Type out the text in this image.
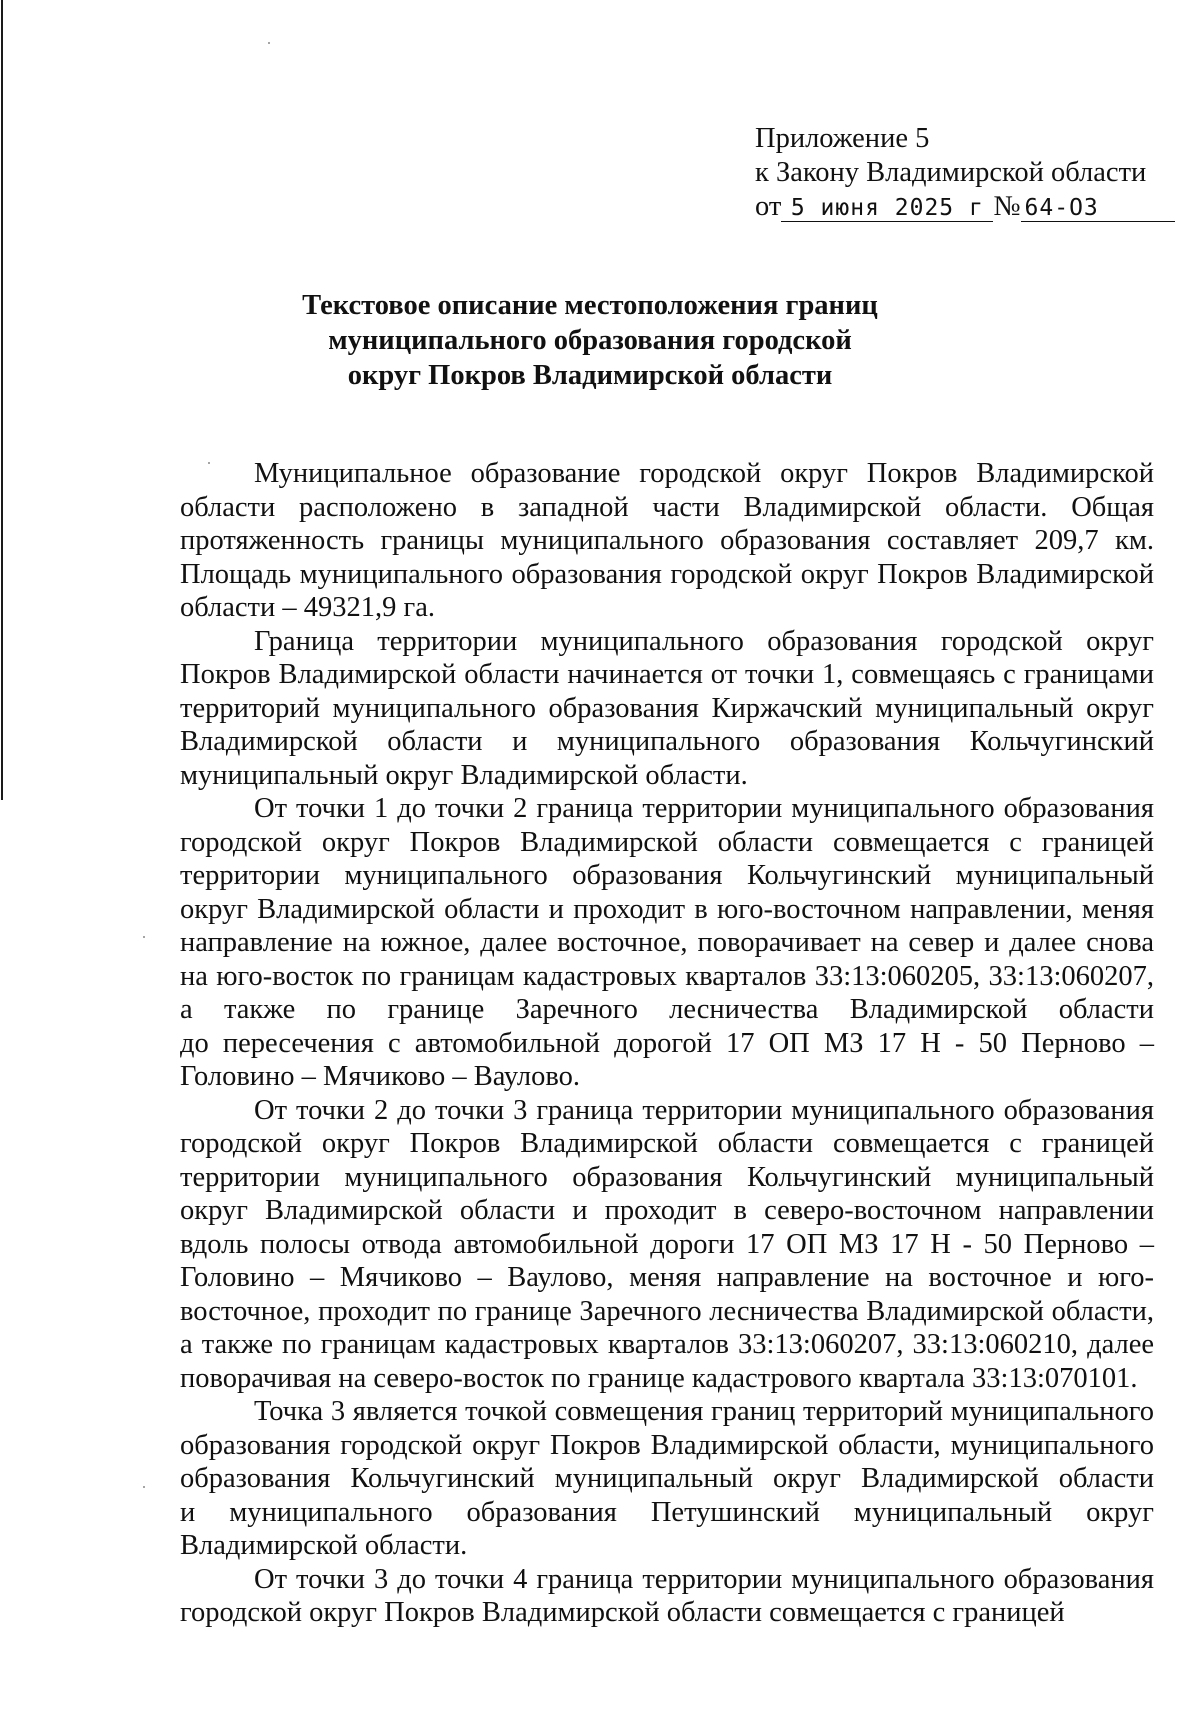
Приложение 5
к Закону Владимирской области
от 5 июня 2025 г № 64-ОЗ
Текстовое описание местоположения границ
муниципального образования городской
округ Покров Владимирской области
Муниципальное образование городской округ Покров Владимирской
области расположено в западной части Владимирской области. Общая
протяженность границы муниципального образования составляет 209,7 км.
Площадь муниципального образования городской округ Покров Владимирской
области – 49321,9 га.
Граница территории муниципального образования городской округ
Покров Владимирской области начинается от точки 1, совмещаясь с границами
территорий муниципального образования Киржачский муниципальный округ
Владимирской области и муниципального образования Кольчугинский
муниципальный округ Владимирской области.
От точки 1 до точки 2 граница территории муниципального образования
городской округ Покров Владимирской области совмещается с границей
территории муниципального образования Кольчугинский муниципальный
округ Владимирской области и проходит в юго-восточном направлении, меняя
направление на южное, далее восточное, поворачивает на север и далее снова
на юго-восток по границам кадастровых кварталов 33:13:060205, 33:13:060207,
а также по границе Заречного лесничества Владимирской области
до пересечения с автомобильной дорогой 17 ОП МЗ 17 Н - 50 Перново –
Головино – Мячиково – Ваулово.
От точки 2 до точки 3 граница территории муниципального образования
городской округ Покров Владимирской области совмещается с границей
территории муниципального образования Кольчугинский муниципальный
округ Владимирской области и проходит в северо-восточном направлении
вдоль полосы отвода автомобильной дороги 17 ОП МЗ 17 Н - 50 Перново –
Головино – Мячиково – Ваулово, меняя направление на восточное и юго-
восточное, проходит по границе Заречного лесничества Владимирской области,
а также по границам кадастровых кварталов 33:13:060207, 33:13:060210, далее
поворачивая на северо-восток по границе кадастрового квартала 33:13:070101.
Точка 3 является точкой совмещения границ территорий муниципального
образования городской округ Покров Владимирской области, муниципального
образования Кольчугинский муниципальный округ Владимирской области
и муниципального образования Петушинский муниципальный округ
Владимирской области.
От точки 3 до точки 4 граница территории муниципального образования
городской округ Покров Владимирской области совмещается с границей
